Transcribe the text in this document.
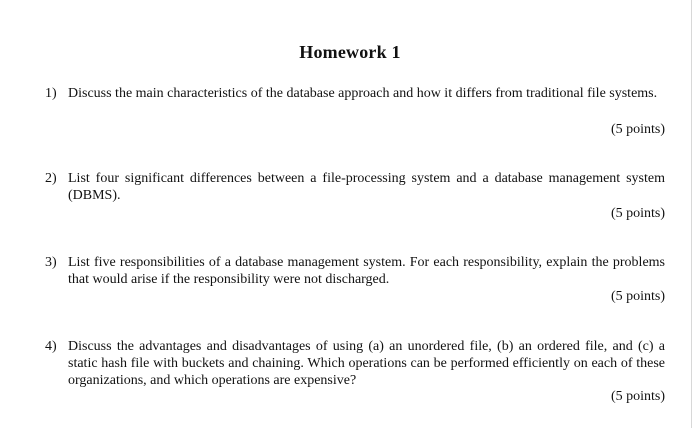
Homework 1
1) Discuss the main characteristics of the database approach and how it differs from traditional file systems.
(5 points)
2) List four significant differences between a file-processing system and a database management system (DBMS).
(5 points)
3) List five responsibilities of a database management system. For each responsibility, explain the problems that would arise if the responsibility were not discharged.
(5 points)
4) Discuss the advantages and disadvantages of using (a) an unordered file, (b) an ordered file, and (c) a static hash file with buckets and chaining. Which operations can be performed efficiently on each of these organizations, and which operations are expensive?
(5 points)
